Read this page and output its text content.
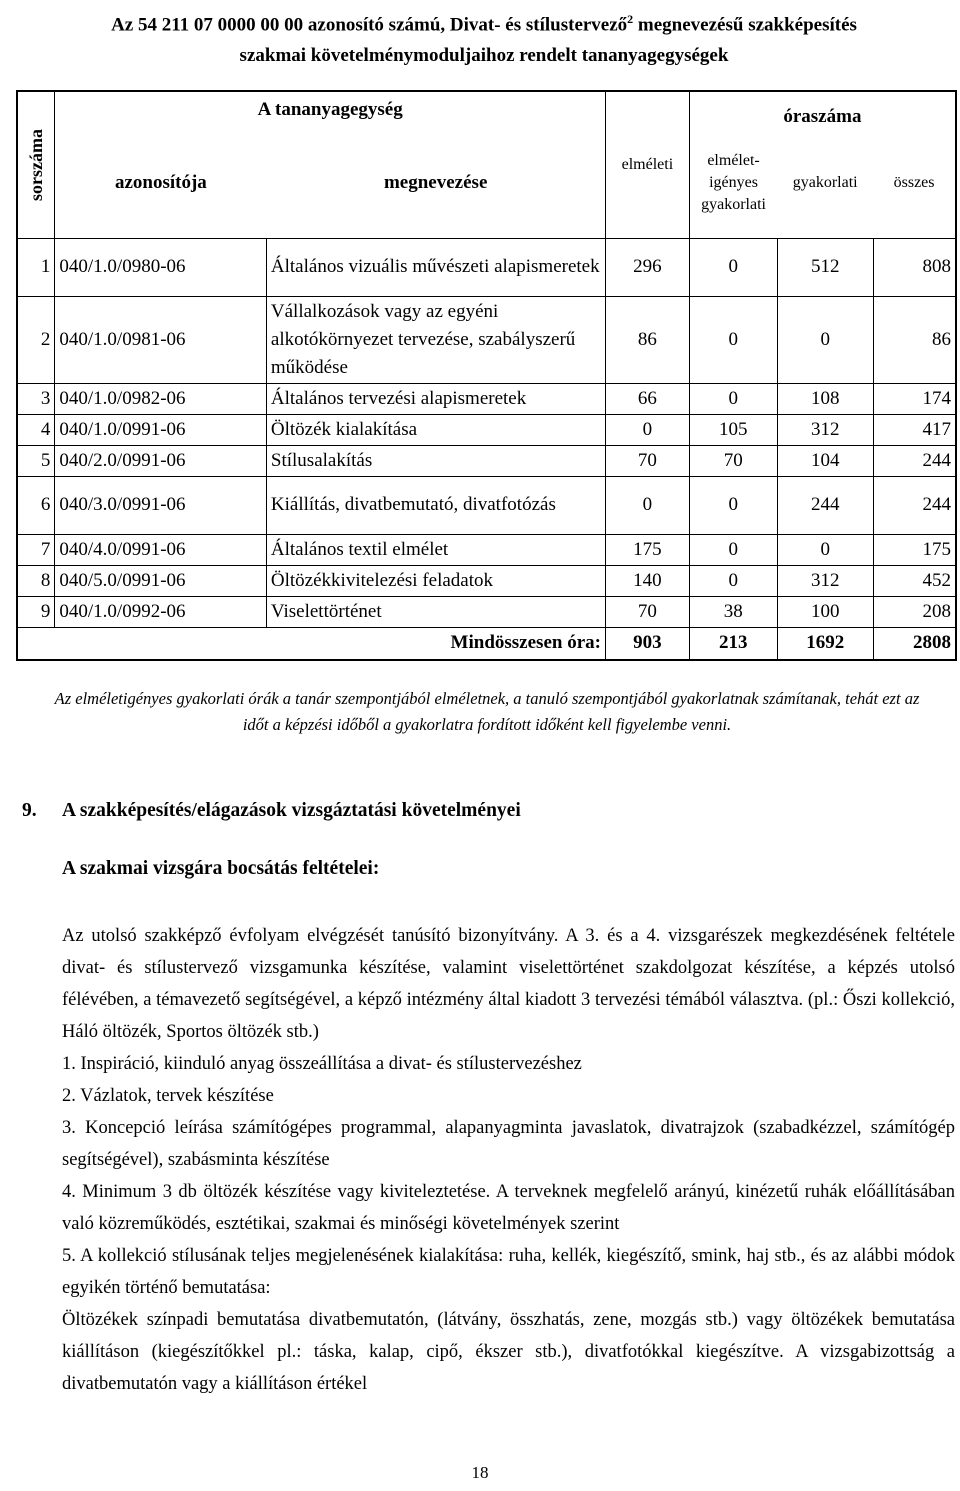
Az 54 211 07 0000 00 00 azonosító számú, Divat- és stílustervező$^2$ megnevezésű szakképesítés
szakmai követelménymoduljaihoz rendelt tananyagegységek
sorszáma	A tananyagegység		elméleti	óraszáma		
	azonosítója	megnevezése		elmélet-
igényes
gyakorlati	gyakorlati	összes

1	040/1.0/0980-06	Általános vizuális művészeti alapismeretek	296	0	512	808
2	040/1.0/0981-06	Vállalkozások vagy az egyéni alkotókörnyezet tervezése, szabályszerű működése	86	0	0	86
3	040/1.0/0982-06	Általános tervezési alapismeretek	66	0	108	174
4	040/1.0/0991-06	Öltözék kialakítása	0	105	312	417
5	040/2.0/0991-06	Stílusalakítás	70	70	104	244
6	040/3.0/0991-06	Kiállítás, divatbemutató, divatfotózás	0	0	244	244
7	040/4.0/0991-06	Általános textil elmélet	175	0	0	175
8	040/5.0/0991-06	Öltözékkivitelezési feladatok	140	0	312	452
9	040/1.0/0992-06	Viselettörténet	70	38	100	208
Mindösszesen óra:			903	213	1692	2808
Az elméletigényes gyakorlati órák a tanár szempontjából elméletnek, a tanuló szempontjából gyakorlatnak számítanak, tehát ezt az időt a képzési időből a gyakorlatra fordított időként kell figyelembe venni.
9. A szakképesítés/elágazások vizsgáztatási követelményei
A szakmai vizsgára bocsátás feltételei:

Az utolsó szakképző évfolyam elvégzését tanúsító bizonyítvány. A 3. és a 4. vizsgarészek megkezdésének feltétele divat- és stílustervező vizsgamunka készítése, valamint viselettörténet szakdolgozat készítése, a képzés utolsó félévében, a témavezető segítségével, a képző intézmény által kiadott 3 tervezési témából választva. (pl.: Őszi kollekció, Háló öltözék, Sportos öltözék stb.)

1. Inspiráció, kiinduló anyag összeállítása a divat- és stílustervezéshez

2. Vázlatok, tervek készítése

3. Koncepció leírása számítógépes programmal, alapanyagminta javaslatok, divatrajzok (szabadkézzel, számítógép segítségével), szabásminta készítése

4. Minimum 3 db öltözék készítése vagy kiviteleztetése. A terveknek megfelelő arányú, kinézetű ruhák előállításában való közreműködés, esztétikai, szakmai és minőségi követelmények szerint

5. A kollekció stílusának teljes megjelenésének kialakítása: ruha, kellék, kiegészítő, smink, haj stb., és az alábbi módok egyikén történő bemutatása:

Öltözékek színpadi bemutatása divatbemutatón, (látvány, összhatás, zene, mozgás stb.) vagy öltözékek bemutatása kiállításon (kiegészítőkkel pl.: táska, kalap, cipő, ékszer stb.), divatfotókkal kiegészítve. A vizsgabizottság a divatbemutatón vagy a kiállításon értékel

18
